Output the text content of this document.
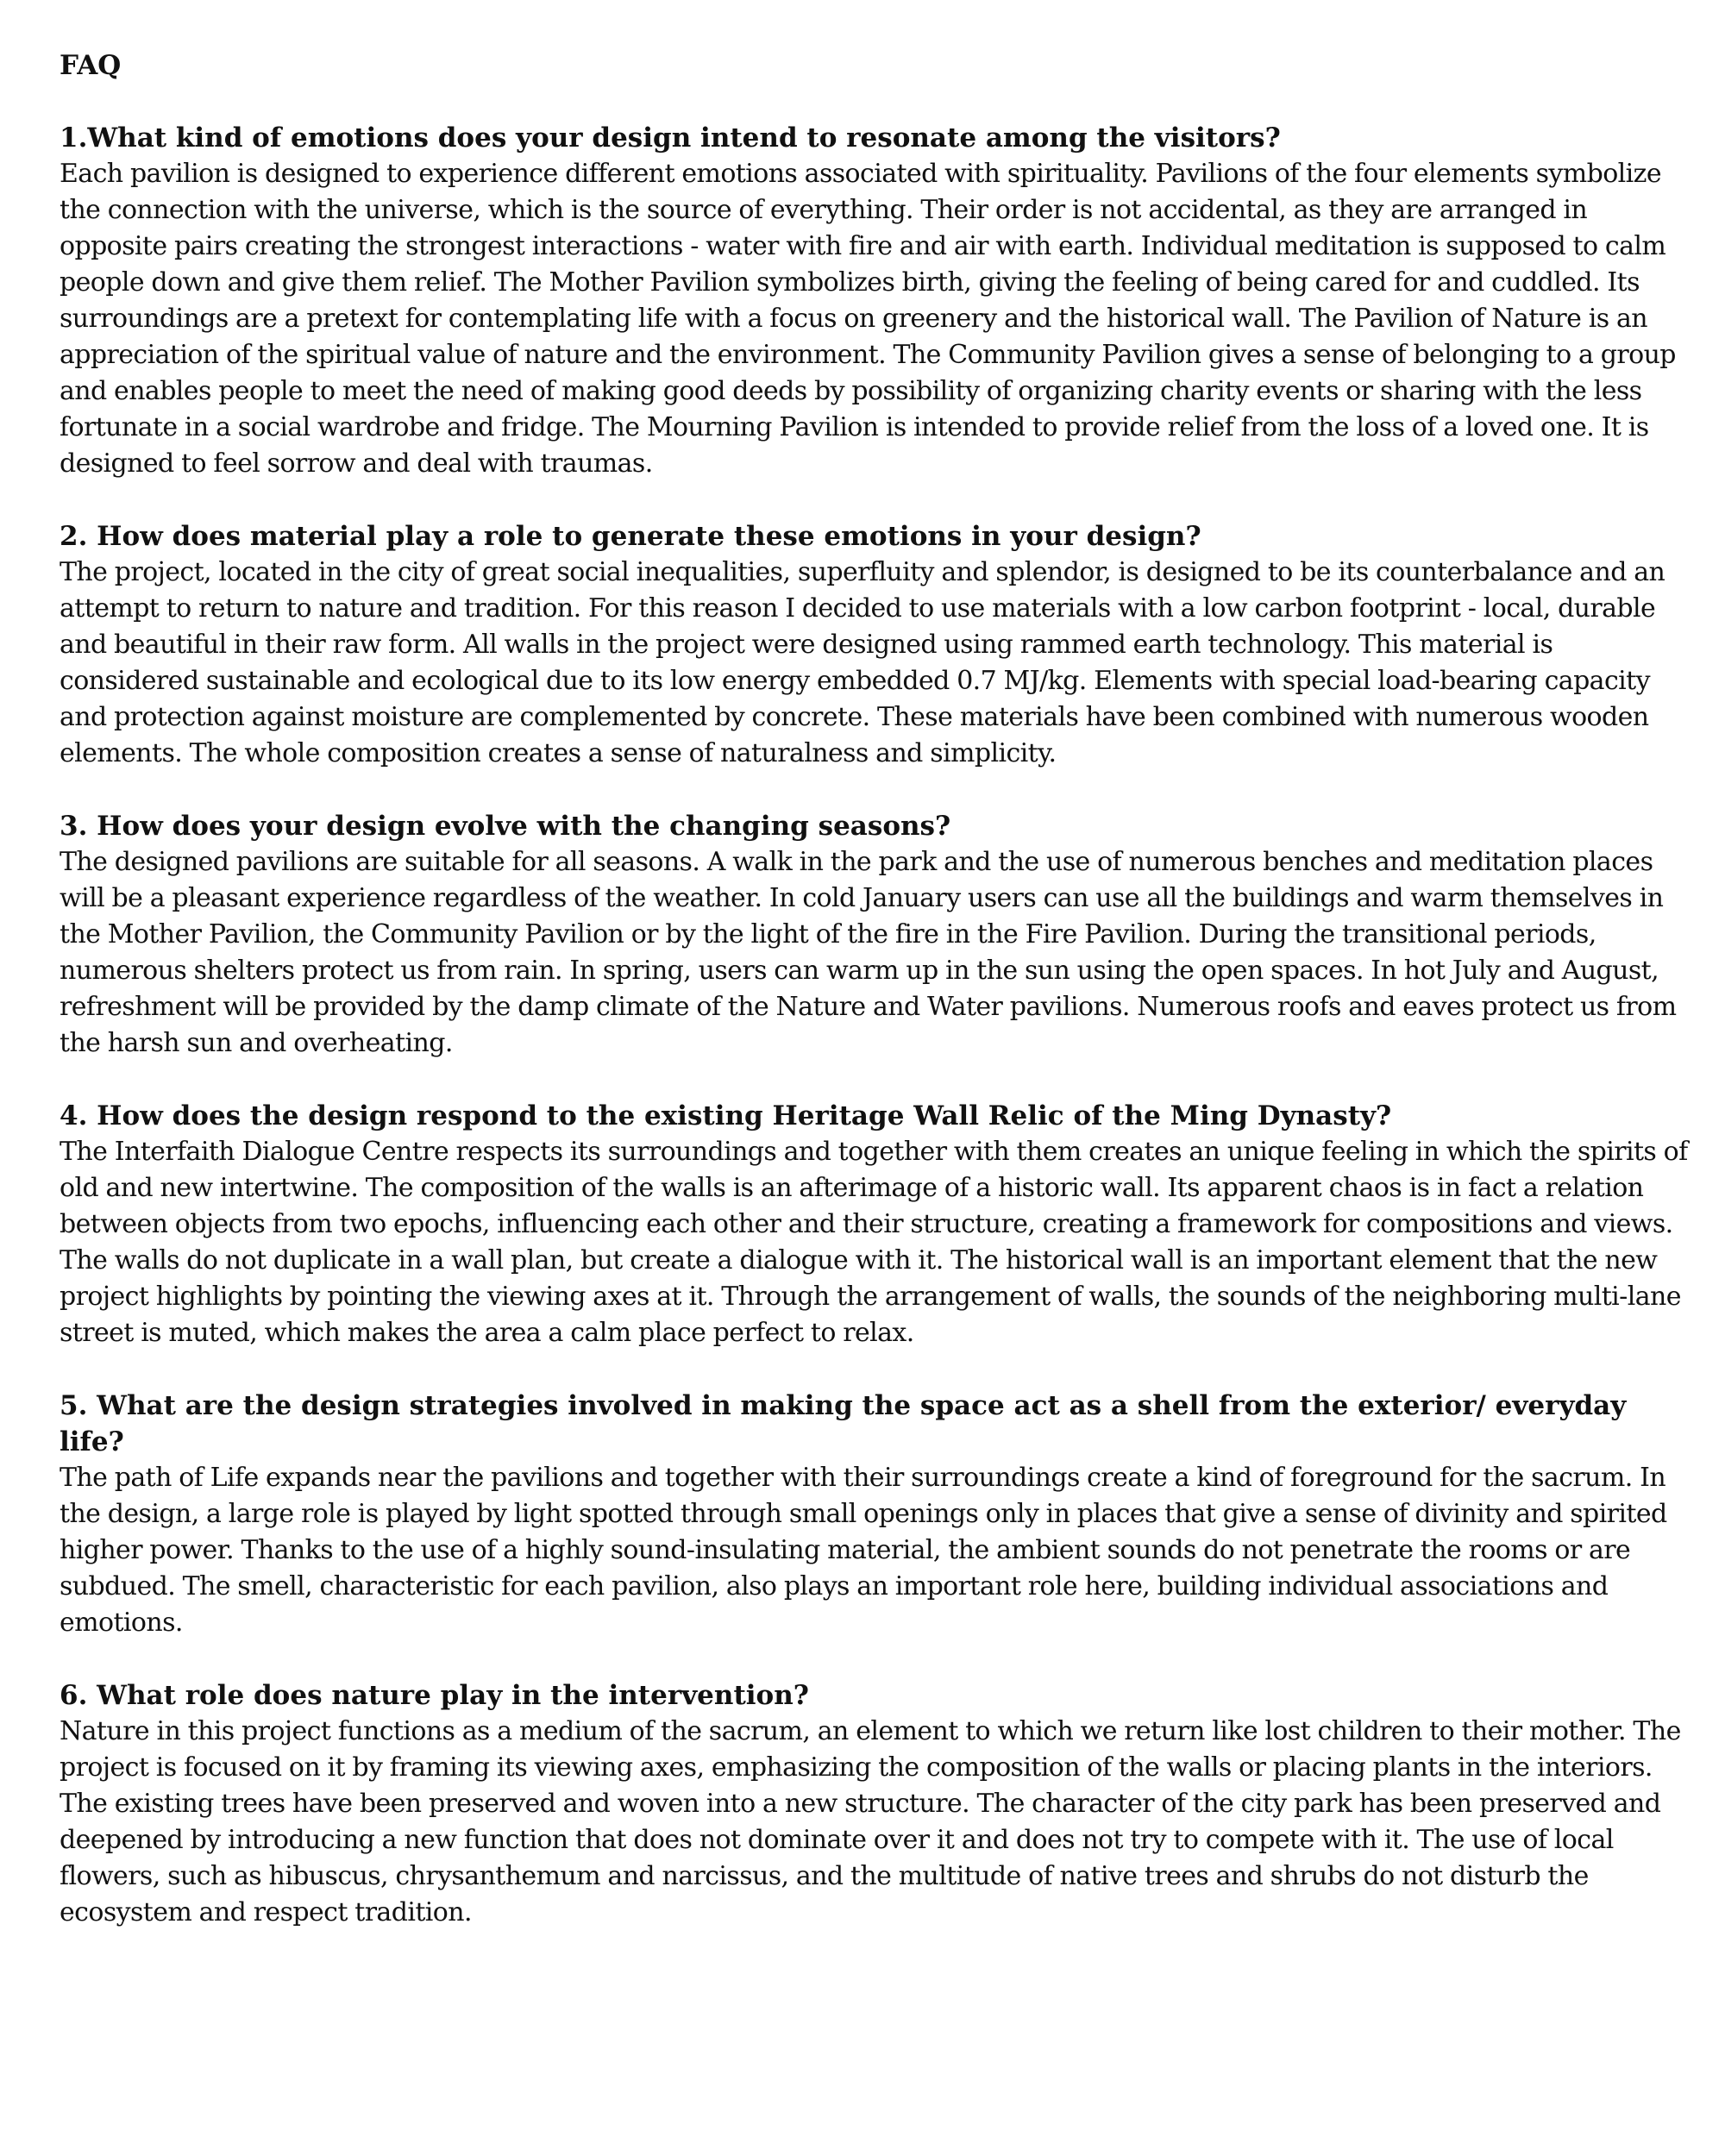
FAQ

1.What kind of emotions does your design intend to resonate among the visitors?

Each pavilion is designed to experience different emotions associated with spirituality. Pavilions of the four elements symbolize the connection with the universe, which is the source of everything. Their order is not accidental, as they are arranged in opposite pairs creating the strongest interactions - water with fire and air with earth. Individual meditation is supposed to calm people down and give them relief. The Mother Pavilion symbolizes birth, giving the feeling of being cared for and cuddled. Its surroundings are a pretext for contemplating life with a focus on greenery and the historical wall. The Pavilion of Nature is an appreciation of the spiritual value of nature and the environment. The Community Pavilion gives a sense of belonging to a group and enables people to meet the need of making good deeds by possibility of organizing charity events or sharing with the less fortunate in a social wardrobe and fridge. The Mourning Pavilion is intended to provide relief from the loss of a loved one. It is designed to feel sorrow and deal with traumas.

2. How does material play a role to generate these emotions in your design?

The project, located in the city of great social inequalities, superfluity and splendor, is designed to be its counterbalance and an attempt to return to nature and tradition. For this reason I decided to use materials with a low carbon footprint - local, durable and beautiful in their raw form. All walls in the project were designed using rammed earth technology. This material is considered sustainable and ecological due to its low energy embedded 0.7 MJ/kg. Elements with special load-bearing capacity and protection against moisture are complemented by concrete. These materials have been combined with numerous wooden elements. The whole composition creates a sense of naturalness and simplicity.

3. How does your design evolve with the changing seasons?

The designed pavilions are suitable for all seasons. A walk in the park and the use of numerous benches and meditation places will be a pleasant experience regardless of the weather. In cold January users can use all the buildings and warm themselves in the Mother Pavilion, the Community Pavilion or by the light of the fire in the Fire Pavilion. During the transitional periods, numerous shelters protect us from rain. In spring, users can warm up in the sun using the open spaces. In hot July and August, refreshment will be provided by the damp climate of the Nature and Water pavilions. Numerous roofs and eaves protect us from the harsh sun and overheating.

4. How does the design respond to the existing Heritage Wall Relic of the Ming Dynasty?

The Interfaith Dialogue Centre respects its surroundings and together with them creates an unique feeling in which the spirits of old and new intertwine. The composition of the walls is an afterimage of a historic wall. Its apparent chaos is in fact a relation between objects from two epochs, influencing each other and their structure, creating a framework for compositions and views. The walls do not duplicate in a wall plan, but create a dialogue with it. The historical wall is an important element that the new project highlights by pointing the viewing axes at it. Through the arrangement of walls, the sounds of the neighboring multi-lane street is muted, which makes the area a calm place perfect to relax.

5. What are the design strategies involved in making the space act as a shell from the exterior/ everyday life?

The path of Life expands near the pavilions and together with their surroundings create a kind of foreground for the sacrum. In the design, a large role is played by light spotted through small openings only in places that give a sense of divinity and spirited higher power. Thanks to the use of a highly sound-insulating material, the ambient sounds do not penetrate the rooms or are subdued. The smell, characteristic for each pavilion, also plays an important role here, building individual associations and emotions.

6. What role does nature play in the intervention?

Nature in this project functions as a medium of the sacrum, an element to which we return like lost children to their mother. The project is focused on it by framing its viewing axes, emphasizing the composition of the walls or placing plants in the interiors. The existing trees have been preserved and woven into a new structure. The character of the city park has been preserved and deepened by introducing a new function that does not dominate over it and does not try to compete with it. The use of local flowers, such as hibuscus, chrysanthemum and narcissus, and the multitude of native trees and shrubs do not disturb the ecosystem and respect tradition.
